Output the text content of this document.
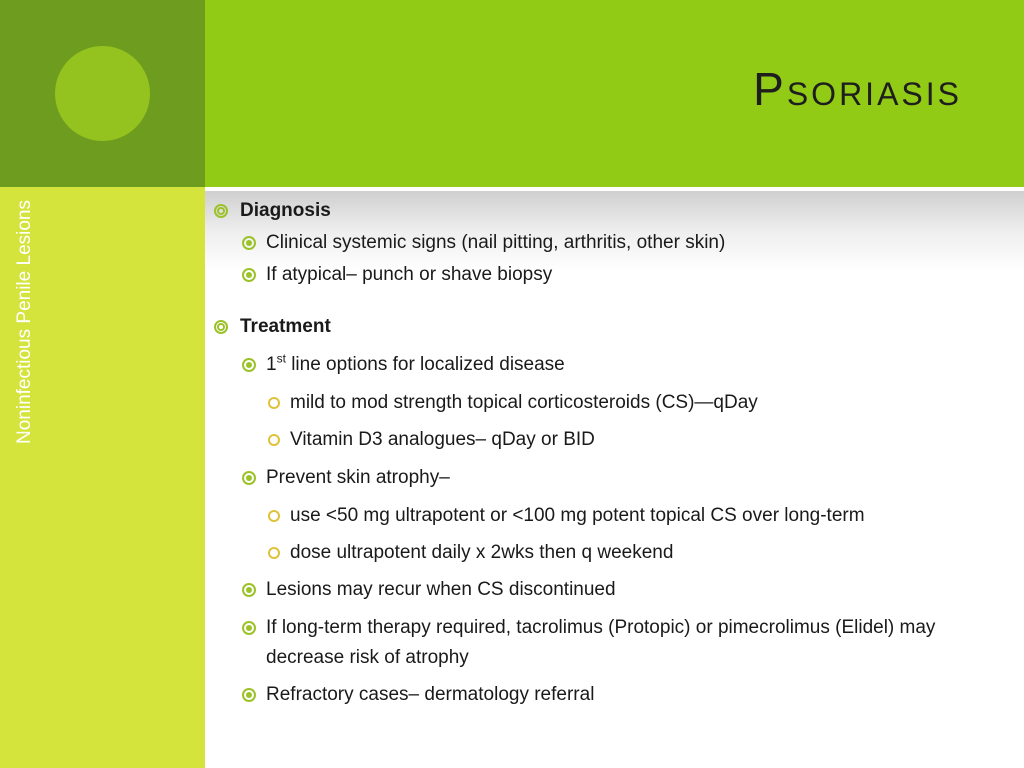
Psoriasis
Noninfectious Penile Lesions	Diagnosis
Clinical systemic signs (nail pitting, arthritis, other skin)
If atypical– punch or shave biopsy
Treatment
1st line options for localized disease
mild to mod strength topical corticosteroids (CS)—qDay
Vitamin D3 analogues– qDay or BID
Prevent skin atrophy–
use <50 mg ultrapotent or <100 mg potent topical CS over long-term
dose ultrapotent daily x 2wks then q weekend
Lesions may recur when CS discontinued
If long-term therapy required, tacrolimus (Protopic) or pimecrolimus (Elidel) may decrease risk of atrophy
Refractory cases– dermatology referral
